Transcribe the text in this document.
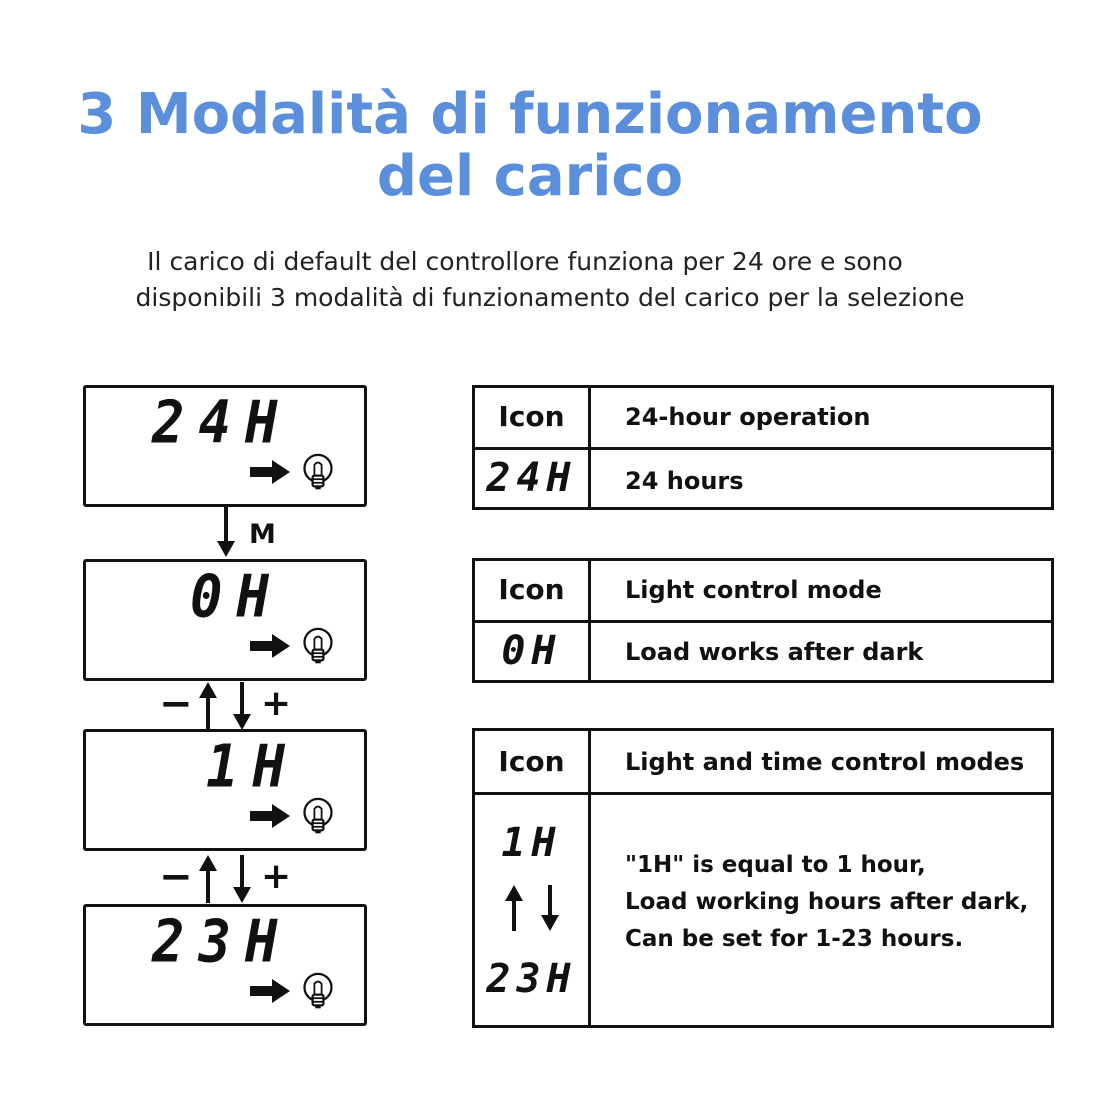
3 Modalità di funzionamento
del carico
Il carico di default del controllore funziona per 24 ore e sono
disponibili 3 modalità di funzionamento del carico per la selezione
24H
M
0H
− +
1H
− +
23H
Icon	24-hour operation
24H	24 hours
Icon	Light control mode
0H	Load works after dark
Icon	Light and time control modes
1H
23H
"1H" is equal to 1 hour,
Load working hours after dark,
Can be set for 1-23 hours.
